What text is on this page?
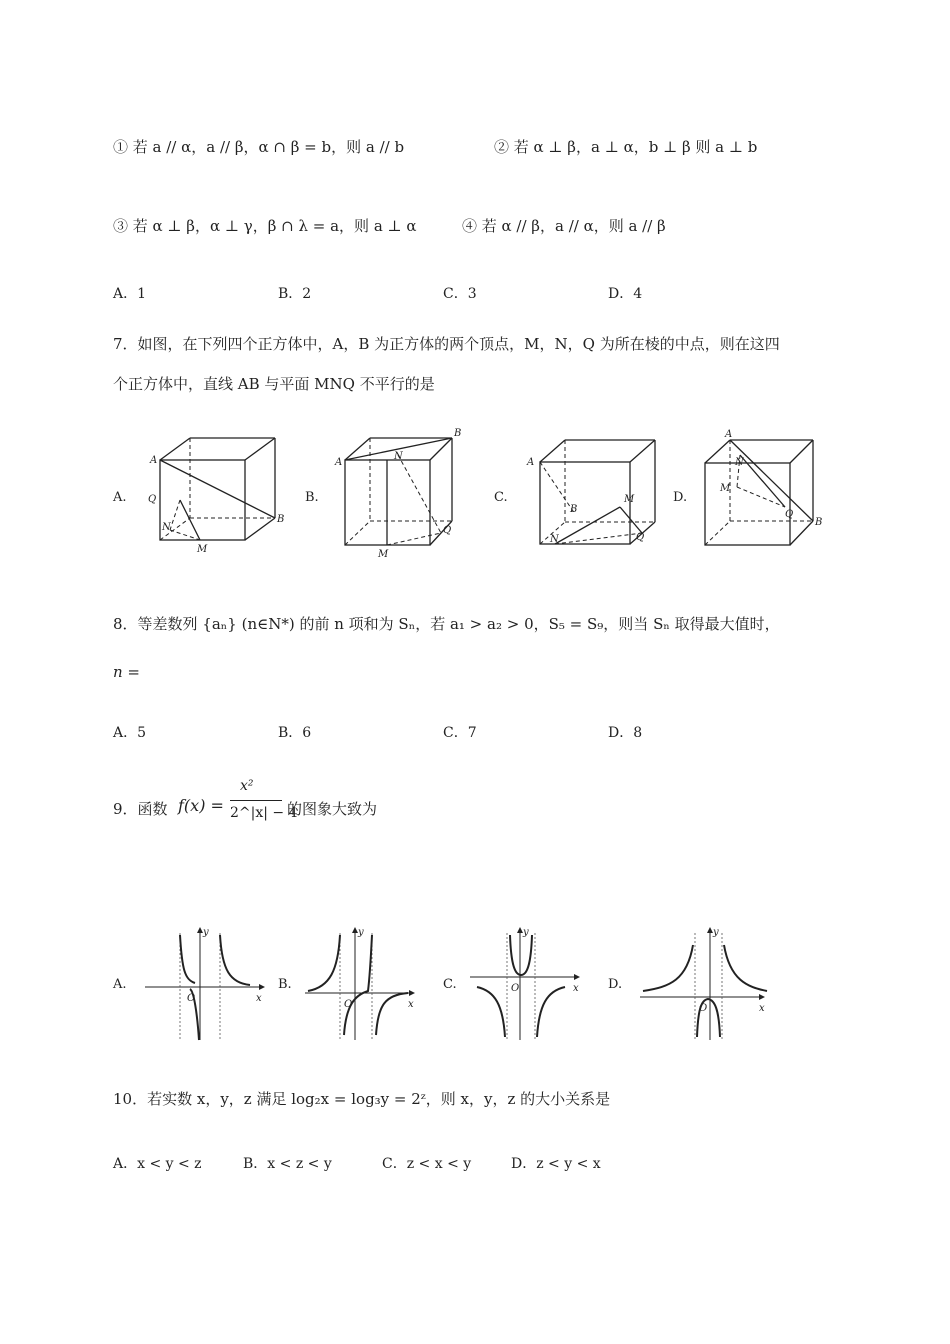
① 若 a // α，a // β，α ∩ β = b，则 a // b	② 若 α ⊥ β，a ⊥ α，b ⊥ β 则 a ⊥ b
③ 若 α ⊥ β，α ⊥ γ，β ∩ λ = a，则 a ⊥ α	④ 若 α // β，a // α，则 a // β
A．1	B．2	C．3	D．4
7．如图，在下列四个正方体中，A，B 为正方体的两个顶点，M，N，Q 为所在棱的中点，则在这四
个正方体中，直线 AB 与平面 MNQ 不平行的是
A.
A
B
Q
N
M
B.
A
B
N
Q
M
C.
A
B
M
N	Q
D.
A
B
N
M
Q
8．等差数列 {aₙ} (n∈N*) 的前 n 项和为 Sₙ，若 a₁ > a₂ > 0，S₅ = S₉，则当 Sₙ 取得最大值时，
n =
A．5	B．6	C．7	D．8
9．函数 f(x) =
x²
2^|x| − 4
的图象大致为
A.
y
x
O
B.
y
x
O
C.
y
x
O	D.
y
x
O
10．若实数 x，y，z 满足 log₂x = log₃y = 2ᶻ，则 x，y，z 的大小关系是
A．x < y < z	B．x < z < y	C．z < x < y	D．z < y < x
